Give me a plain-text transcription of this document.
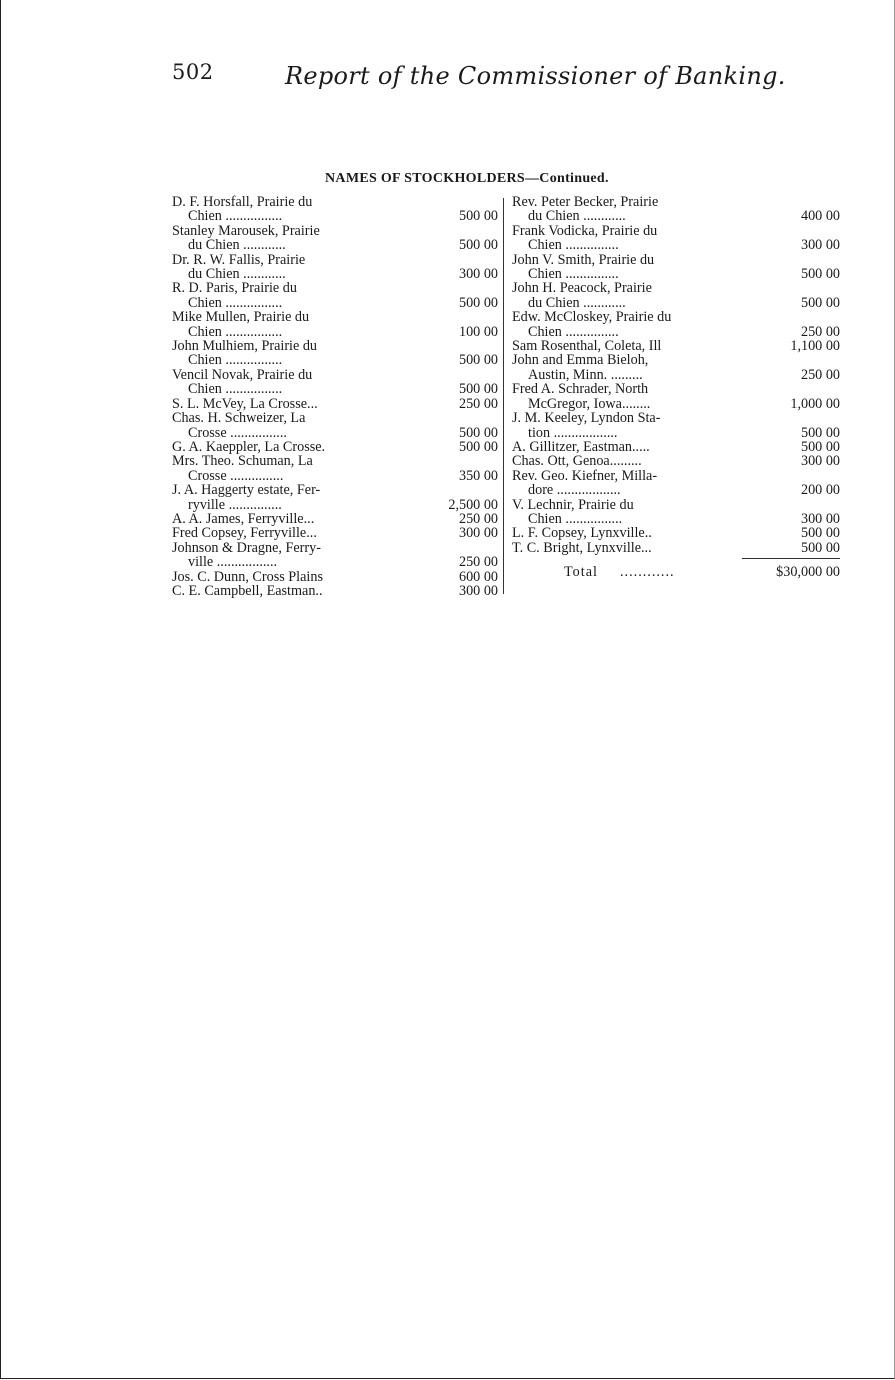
502	Report of the Commissioner of Banking.
NAMES OF STOCKHOLDERS—Continued.
D. F. Horsfall, Prairie du
Chien ................	500 00
Stanley Marousek, Prairie
du Chien ............	500 00
Dr. R. W. Fallis, Prairie
du Chien ............	300 00
R. D. Paris, Prairie du
Chien ................	500 00
Mike Mullen, Prairie du
Chien ................	100 00
John Mulhiem, Prairie du
Chien ................	500 00
Vencil Novak, Prairie du
Chien ................	500 00
S. L. McVey, La Crosse...	250 00
Chas. H. Schweizer, La
Crosse ................	500 00
G. A. Kaeppler, La Crosse.	500 00
Mrs. Theo. Schuman, La
Crosse ...............	350 00
J. A. Haggerty estate, Fer-
ryville ...............	2,500 00
A. A. James, Ferryville...	250 00
Fred Copsey, Ferryville...	300 00
Johnson & Dragne, Ferry-
ville .................	250 00
Jos. C. Dunn, Cross Plains	600 00
C. E. Campbell, Eastman..	300 00
Rev. Peter Becker, Prairie
du Chien ............	400 00
Frank Vodicka, Prairie du
Chien ...............	300 00
John V. Smith, Prairie du
Chien ...............	500 00
John H. Peacock, Prairie
du Chien ............	500 00
Edw. McCloskey, Prairie du
Chien ...............	250 00
Sam Rosenthal, Coleta, Ill	1,100 00
John and Emma Bieloh,
Austin, Minn. .........	250 00
Fred A. Schrader, North
McGregor, Iowa........	1,000 00
J. M. Keeley, Lyndon Sta-
tion ..................	500 00
A. Gillitzer, Eastman.....	500 00
Chas. Ott, Genoa.........	300 00
Rev. Geo. Kiefner, Milla-
dore ..................	200 00
V. Lechnir, Prairie du
Chien ................	300 00
L. F. Copsey, Lynxville..	500 00
T. C. Bright, Lynxville...	500 00
Total ............	$30,000 00
